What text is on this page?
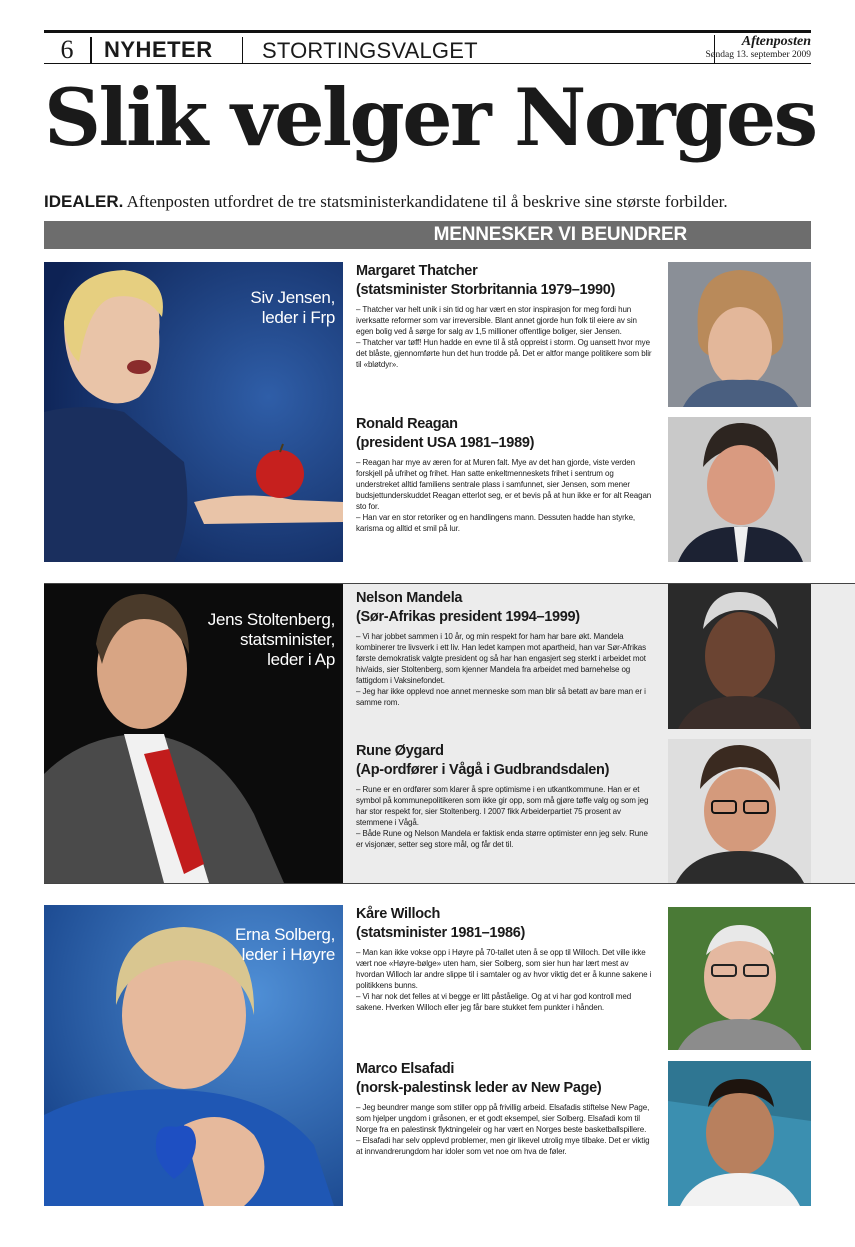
6	NYHETER STORTINGSVALGET	Aftenposten
Søndag 13. september 2009
Slik velger Norges
IDEALER. Aftenposten utfordret de tre statsministerkandidatene til å beskrive sine største forbilder.
MENNESKER VI BEUNDRER
Siv Jensen,
leder i Frp
Margaret Thatcher
(statsminister Storbritannia 1979–1990)

– Thatcher var helt unik i sin tid og har vært en stor inspirasjon for meg fordi hun iverksatte reformer som var irreversible. Blant annet gjorde hun folk til eiere av sin egen bolig ved å sørge for salg av 1,5 millioner offentlige boliger, sier Jensen.

– Thatcher var tøff! Hun hadde en evne til å stå oppreist i storm. Og uansett hvor mye det blåste, gjennomførte hun det hun trodde på. Det er altfor mange politikere som blir til «bløtdyr».

Ronald Reagan
(president USA 1981–1989)

– Reagan har mye av æren for at Muren falt. Mye av det han gjorde, viste verden forskjell på ufrihet og frihet. Han satte enkeltmenneskets frihet i sentrum og understreket alltid familiens sentrale plass i samfunnet, sier Jensen, som mener budsjettunderskuddet Reagan etterlot seg, er et bevis på at hun ikke er for alt Reagan sto for.

– Han var en stor retoriker og en handlingens mann. Dessuten hadde han styrke, karisma og alltid et smil på lur.

Jens Stoltenberg,
statsminister,
leder i Ap
Nelson Mandela
(Sør-Afrikas president 1994–1999)

– Vi har jobbet sammen i 10 år, og min respekt for ham har bare økt. Mandela kombinerer tre livsverk i ett liv. Han ledet kampen mot apartheid, han var Sør-Afrikas første demokratisk valgte president og så har han engasjert seg sterkt i arbeidet mot hiv/aids, sier Stoltenberg, som kjenner Mandela fra arbeidet med barnehelse og fattigdom i Vaksinefondet.

– Jeg har ikke opplevd noe annet menneske som man blir så betatt av bare man er i samme rom.

Rune Øygard
(Ap-ordfører i Vågå i Gudbrandsdalen)

– Rune er en ordfører som klarer å spre optimisme i en utkantkommune. Han er et symbol på kommunepolitikeren som ikke gir opp, som må gjøre tøffe valg og som jeg har stor respekt for, sier Stoltenberg. I 2007 fikk Arbeiderpartiet 75 prosent av stemmene i Vågå.

– Både Rune og Nelson Mandela er faktisk enda større optimister enn jeg selv. Rune er visjonær, setter seg store mål, og får det til.

Erna Solberg,
leder i Høyre
Kåre Willoch
(statsminister 1981–1986)

– Man kan ikke vokse opp i Høyre på 70-tallet uten å se opp til Willoch. Det ville ikke vært noe «Høyre-bølge» uten ham, sier Solberg, som sier hun har lært mest av hvordan Willoch lar andre slippe til i samtaler og av hvor viktig det er å kunne sakene i politikkens bunns.

– Vi har nok det felles at vi begge er litt påståelige. Og at vi har god kontroll med sakene. Hverken Willoch eller jeg får bare stukket fem punkter i hånden.

Marco Elsafadi
(norsk-palestinsk leder av New Page)

– Jeg beundrer mange som stiller opp på frivillig arbeid. Elsafadis stiftelse New Page, som hjelper ungdom i gråsonen, er et godt eksempel, sier Solberg. Elsafadi kom til Norge fra en palestinsk flyktningeleir og har vært en Norges beste basketballspillere.

– Elsafadi har selv opplevd problemer, men gir likevel utrolig mye tilbake. Det er viktig at innvandrerungdom har idoler som vet noe om hva de føler.
